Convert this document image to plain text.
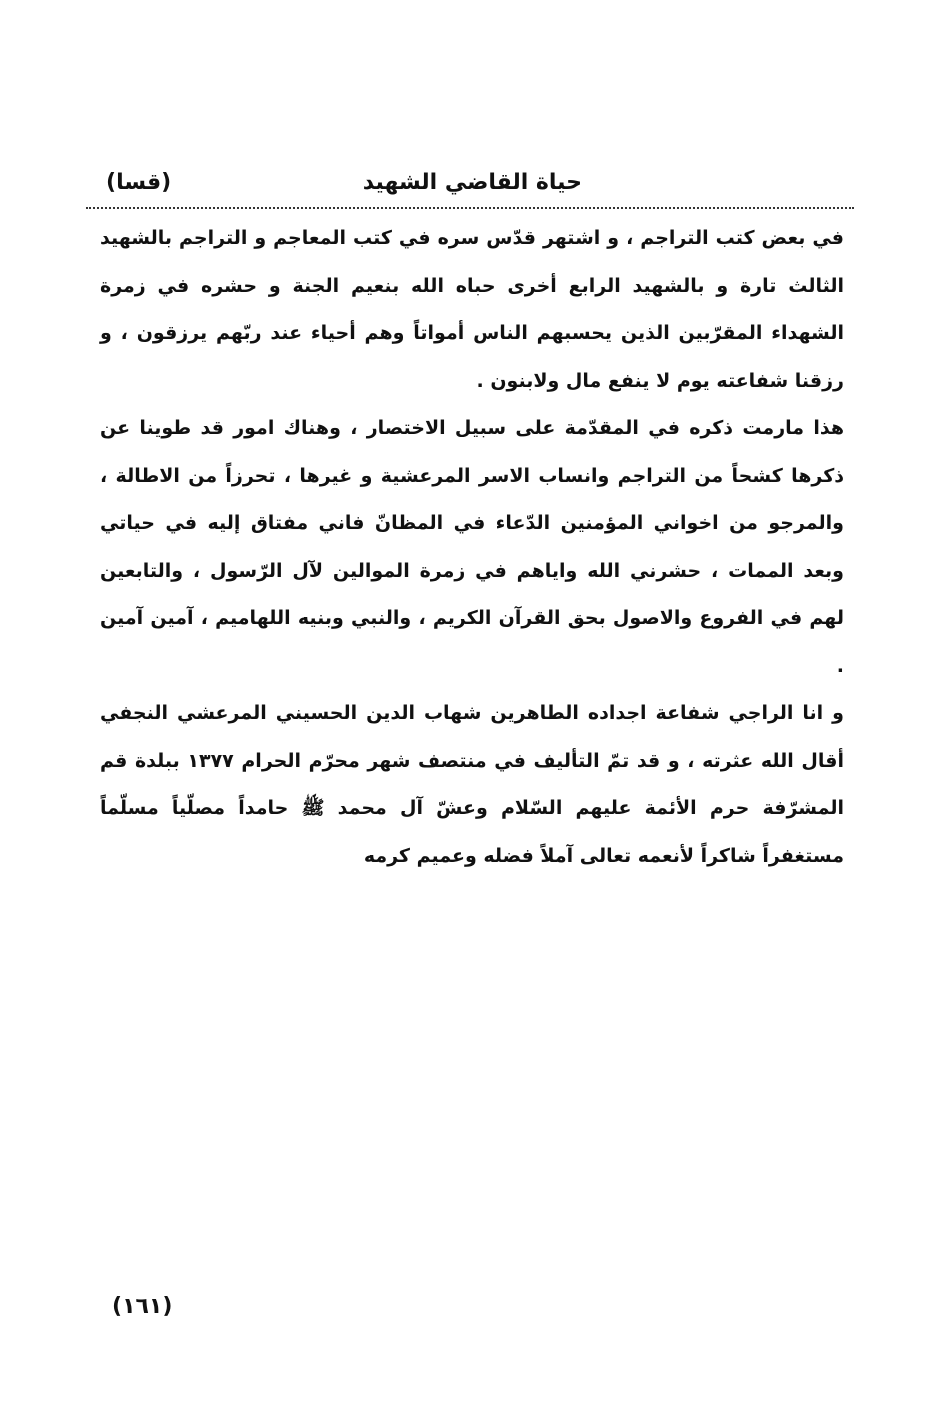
حياة القاضي الشهيد
(قسا)

في بعض كتب التراجم ، و اشتهر قدّس سره في كتب المعاجم و التراجم بالشهيد الثالث تارة و بالشهيد الرابع أخرى حباه الله بنعيم الجنة و حشره في زمرة الشهداء المقرّبين الذين يحسبهم الناس أمواتاً وهم أحياء عند ربّهم يرزقون ، و رزقنا شفاعته يوم لا ينفع مال ولابنون .

هذا مارمت ذكره في المقدّمة على سبيل الاختصار ، وهناك امور قد طوينا عن ذكرها كشحاً من التراجم وانساب الاسر المرعشية و غيرها ، تحرزاً من الاطالة ، والمرجو من اخواني المؤمنين الدّعاء في المظانّ فاني مفتاق إليه في حياتي وبعد الممات ، حشرني الله واياهم في زمرة الموالين لآل الرّسول ، والتابعين لهم في الفروع والاصول بحق القرآن الكريم ، والنبي وبنيه اللهاميم ، آمين آمين .

و انا الراجي شفاعة اجداده الطاهرين شهاب الدين الحسيني المرعشي النجفي أقال الله عثرته ، و قد تمّ التأليف في منتصف شهر محرّم الحرام ١٣٧٧ ببلدة قم المشرّفة حرم الأئمة عليهم السّلام وعشّ آل محمد ﷺ حامداً مصلّياً مسلّماً مستغفراً شاكراً لأنعمه تعالى آملاً فضله وعميم كرمه

(١٦١)
